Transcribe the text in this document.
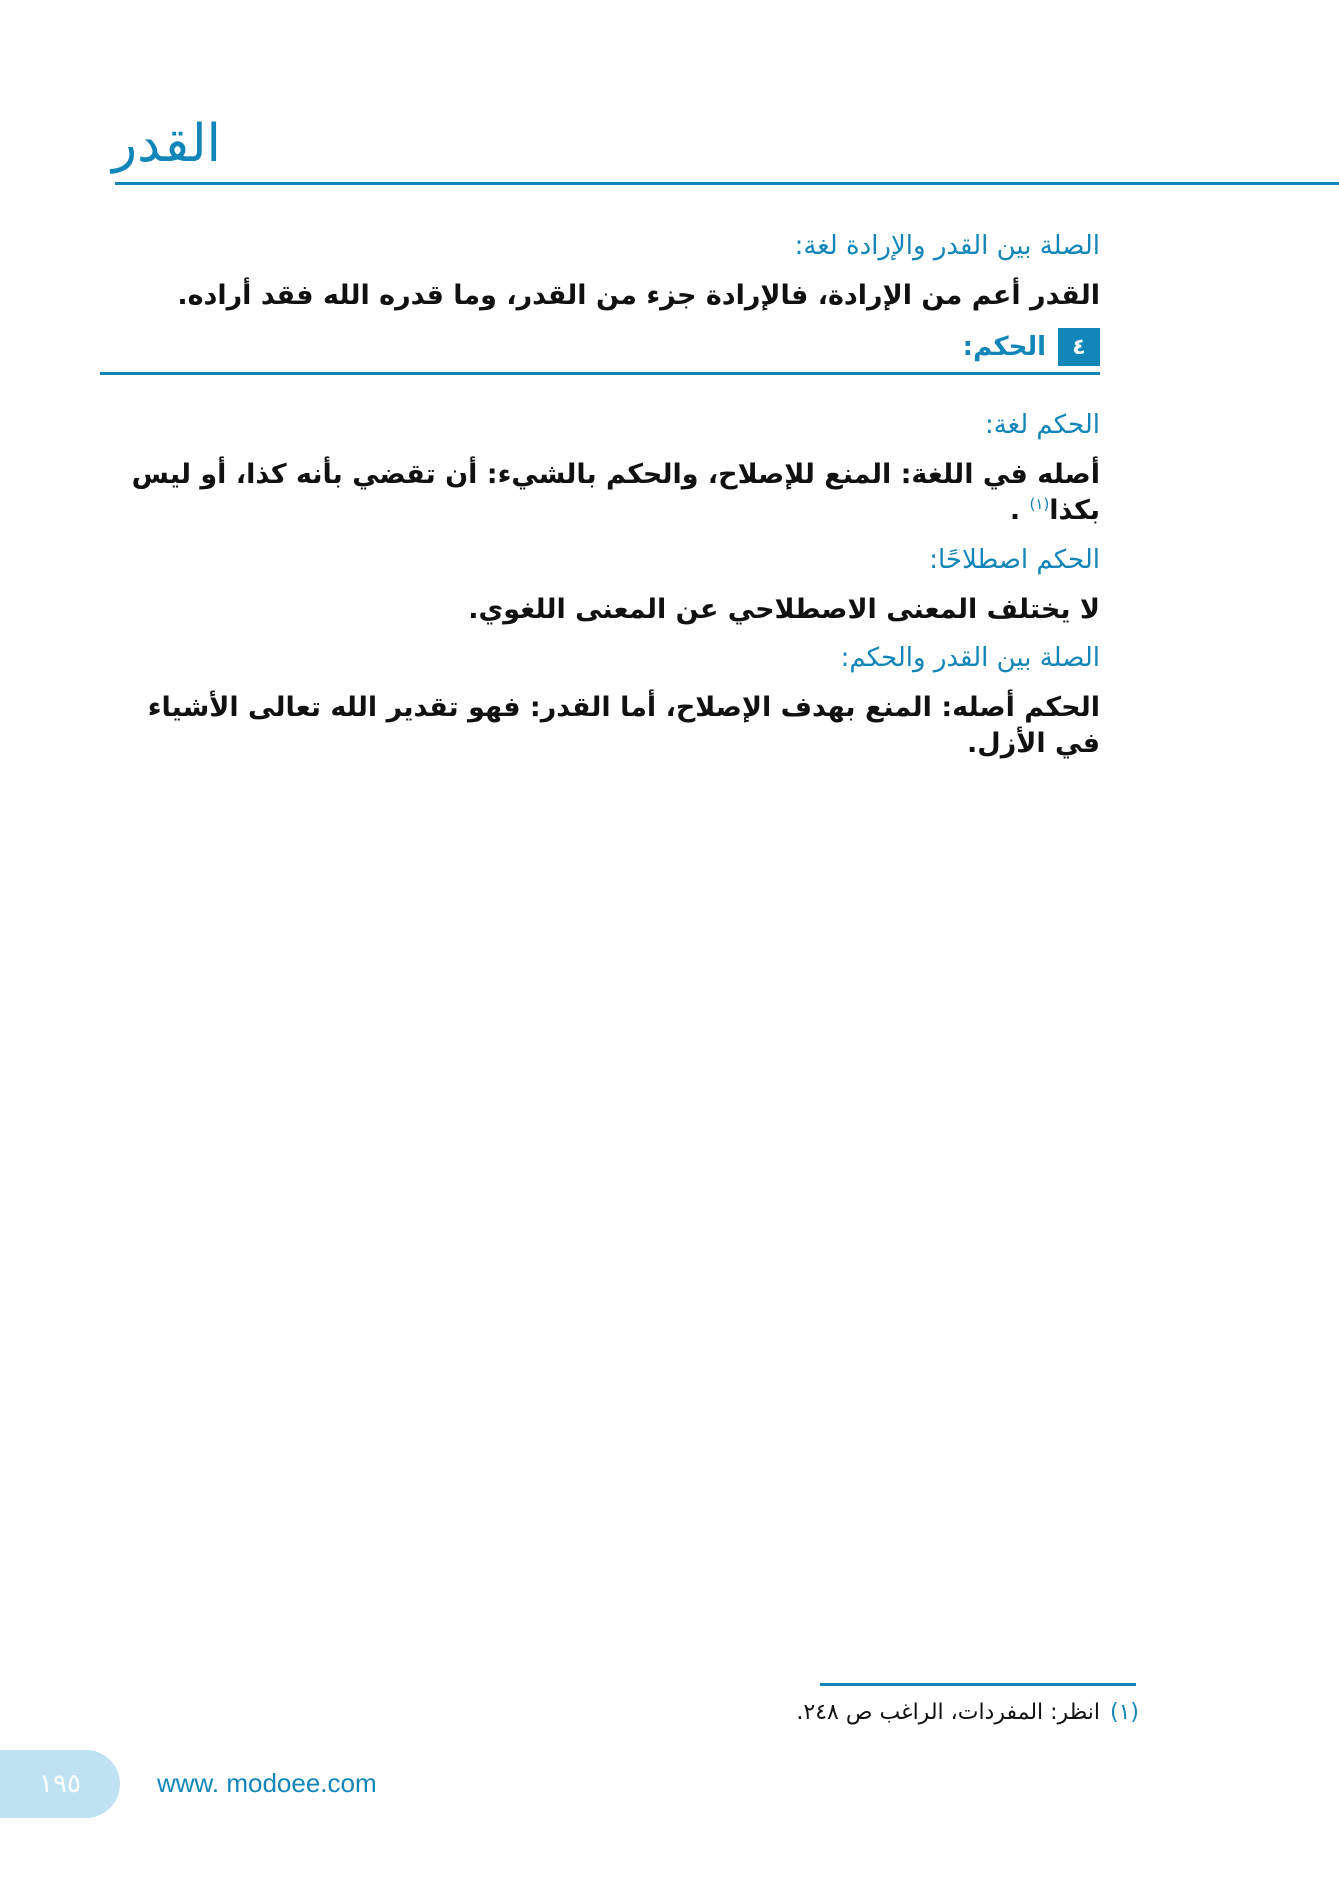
القدر
الصلة بين القدر والإرادة لغة:
القدر أعم من الإرادة، فالإرادة جزء من القدر، وما قدره الله فقد أراده.
٤
الحكم:
الحكم لغة:
أصله في اللغة: المنع للإصلاح، والحكم بالشيء: أن تقضي بأنه كذا، أو ليس بكذا$^{(١)}$ .
الحكم اصطلاحًا:
لا يختلف المعنى الاصطلاحي عن المعنى اللغوي.
الصلة بين القدر والحكم:
الحكم أصله: المنع بهدف الإصلاح، أما القدر: فهو تقدير الله تعالى الأشياء في الأزل.
(١)انظر: المفردات، الراغب ص ٢٤٨.
١٩٥	www. modoee.com
